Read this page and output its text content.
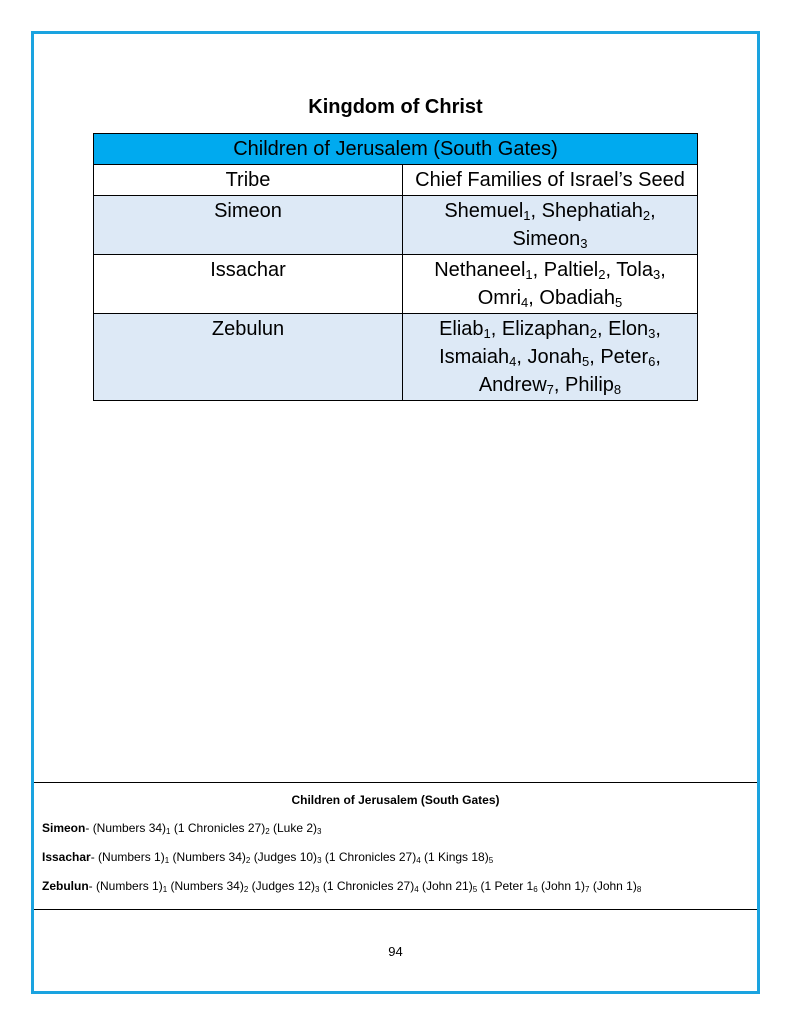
Kingdom of Christ
Children of Jerusalem (South Gates)	
Tribe	Chief Families of Israel’s Seed
Simeon	Shemuel$_1$, Shephatiah$_2$, Simeon$_3$
Issachar	Nethaneel$_1$, Paltiel$_2$, Tola$_3$, Omri$_4$, Obadiah$_5$
Zebulun	Eliab$_1$, Elizaphan$_2$, Elon$_3$, Ismaiah$_4$, Jonah$_5$, Peter$_6$, Andrew$_7$, Philip$_8$
Children of Jerusalem (South Gates)
Simeon- (Numbers $34)_1$ (1 Chronicles $27)_2$ (Luke $2)_3$
Issachar- (Numbers $1)_1$ (Numbers $34)_2$ (Judges $10)_3$ (1 Chronicles $27)_4$ (1 Kings $18)_5$
Zebulun- (Numbers $1)_1$ (Numbers $34)_2$ (Judges $12)_3$ (1 Chronicles $27)_4$ (John $21)_5$ (1 Peter $1_6$ (John $1)_7$ (John $1)_8$
94
